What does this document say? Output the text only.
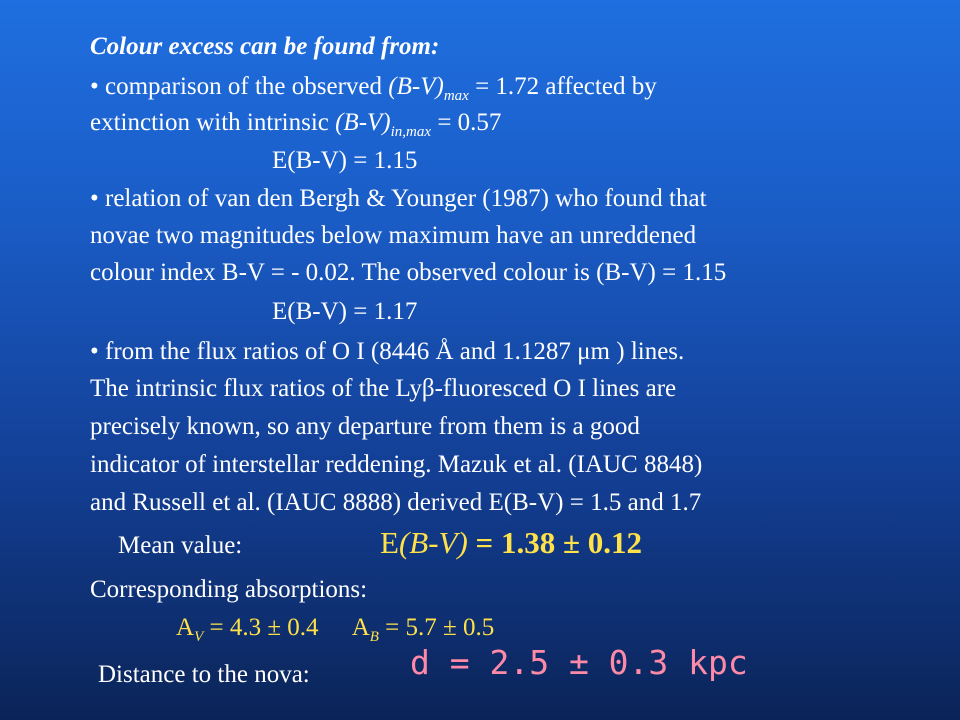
Colour excess can be found from:
• comparison of the observed $(B-V)_{max} = 1.72$ affected by
extinction with intrinsic $(B-V)_{in,max} = 0.57$
E(B-V) = 1.15
• relation of van den Bergh & Younger (1987) who found that
novae two magnitudes below maximum have an unreddened
colour index B-V = - 0.02. The observed colour is (B-V) = 1.15
E(B-V) = 1.17
• from the flux ratios of O I (8446 Å and 1.1287 μm ) lines.
The intrinsic flux ratios of the Lyβ-fluoresced O I lines are
precisely known, so any departure from them is a good
indicator of interstellar reddening. Mazuk et al. (IAUC 8848)
and Russell et al. (IAUC 8888) derived E(B-V) = 1.5 and 1.7
Mean value:	E(B-V) = 1.38 ± 0.12
Corresponding absorptions:
$A_V = 4.3 \pm 0.4$ $A_B = 5.7 \pm 0.5$
Distance to the nova:	d = 2.5 ± 0.3 kpc
